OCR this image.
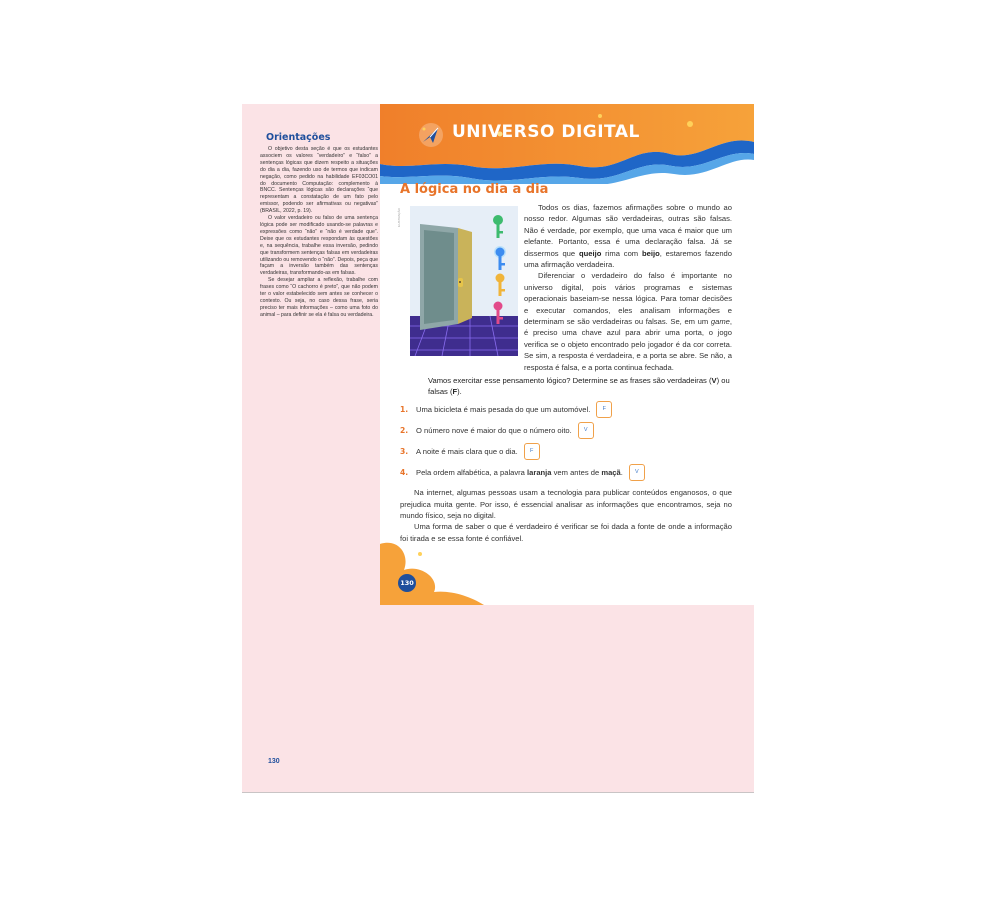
Orientações

O objetivo desta seção é que os estudantes associem os valores “verdadeiro” e “falso” a sentenças lógicas que dizem respeito a situações do dia a dia, fazendo uso de termos que indicam negação, como pedido na habilidade EF03CO01 do documento Computação: complemento à BNCC. Sentenças lógicas são declarações “que representam a constatação de um fato pelo emissor, podendo ser afirmativas ou negativas” (BRASIL, 2022, p. 19).

O valor verdadeiro ou falso de uma sentença lógica pode ser modificado usando-se palavras e expressões como “não” e “não é verdade que”. Deixe que os estudantes respondam às questões e, na sequência, trabalhe essa inversão, pedindo que transformem sentenças falsas em verdadeiras utilizando ou removendo o “não”. Depois, peça que façam a inversão também das sentenças verdadeiras, transformando-as em falsas.

Se desejar ampliar a reflexão, trabalhe com frases como “O cachorro é preto”, que não podem ter o valor estabelecido sem antes se conhecer o contexto. Ou seja, no caso dessa frase, seria preciso ter mais informações – como uma foto do animal – para definir se ela é falsa ou verdadeira.

130
UNIVERSO DIGITAL
A lógica no dia a dia
ILUSTRAÇÃO

Todos os dias, fazemos afirmações sobre o mundo ao nosso redor. Algumas são verdadeiras, outras são falsas. Não é verdade, por exemplo, que uma vaca é maior que um elefante. Portanto, essa é uma declaração falsa. Já se dissermos que queijo rima com beijo, estaremos fazendo uma afirmação verdadeira.

Diferenciar o verdadeiro do falso é importante no universo digital, pois vários programas e sistemas operacionais baseiam-se nessa lógica. Para tomar decisões e executar comandos, eles analisam informações e determinam se são verdadeiras ou falsas. Se, em um game, é preciso uma chave azul para abrir uma porta, o jogo verifica se o objeto encontrado pelo jogador é da cor correta. Se sim, a resposta é verdadeira, e a porta se abre. Se não, a resposta é falsa, e a porta continua fechada.

Vamos exercitar esse pensamento lógico? Determine se as frases são verdadeiras (V) ou falsas (F).
1.	Uma bicicleta é mais pesada do que um automóvel.	F
2.	O número nove é maior do que o número oito.	V
3.	A noite é mais clara que o dia.	F
4.	Pela ordem alfabética, a palavra laranja vem antes de maçã.	V

Na internet, algumas pessoas usam a tecnologia para publicar conteúdos enganosos, o que prejudica muita gente. Por isso, é essencial analisar as informações que encontramos, seja no mundo físico, seja no digital.

Uma forma de saber o que é verdadeiro é verificar se foi dada a fonte de onde a informação foi tirada e se essa fonte é confiável.

130
